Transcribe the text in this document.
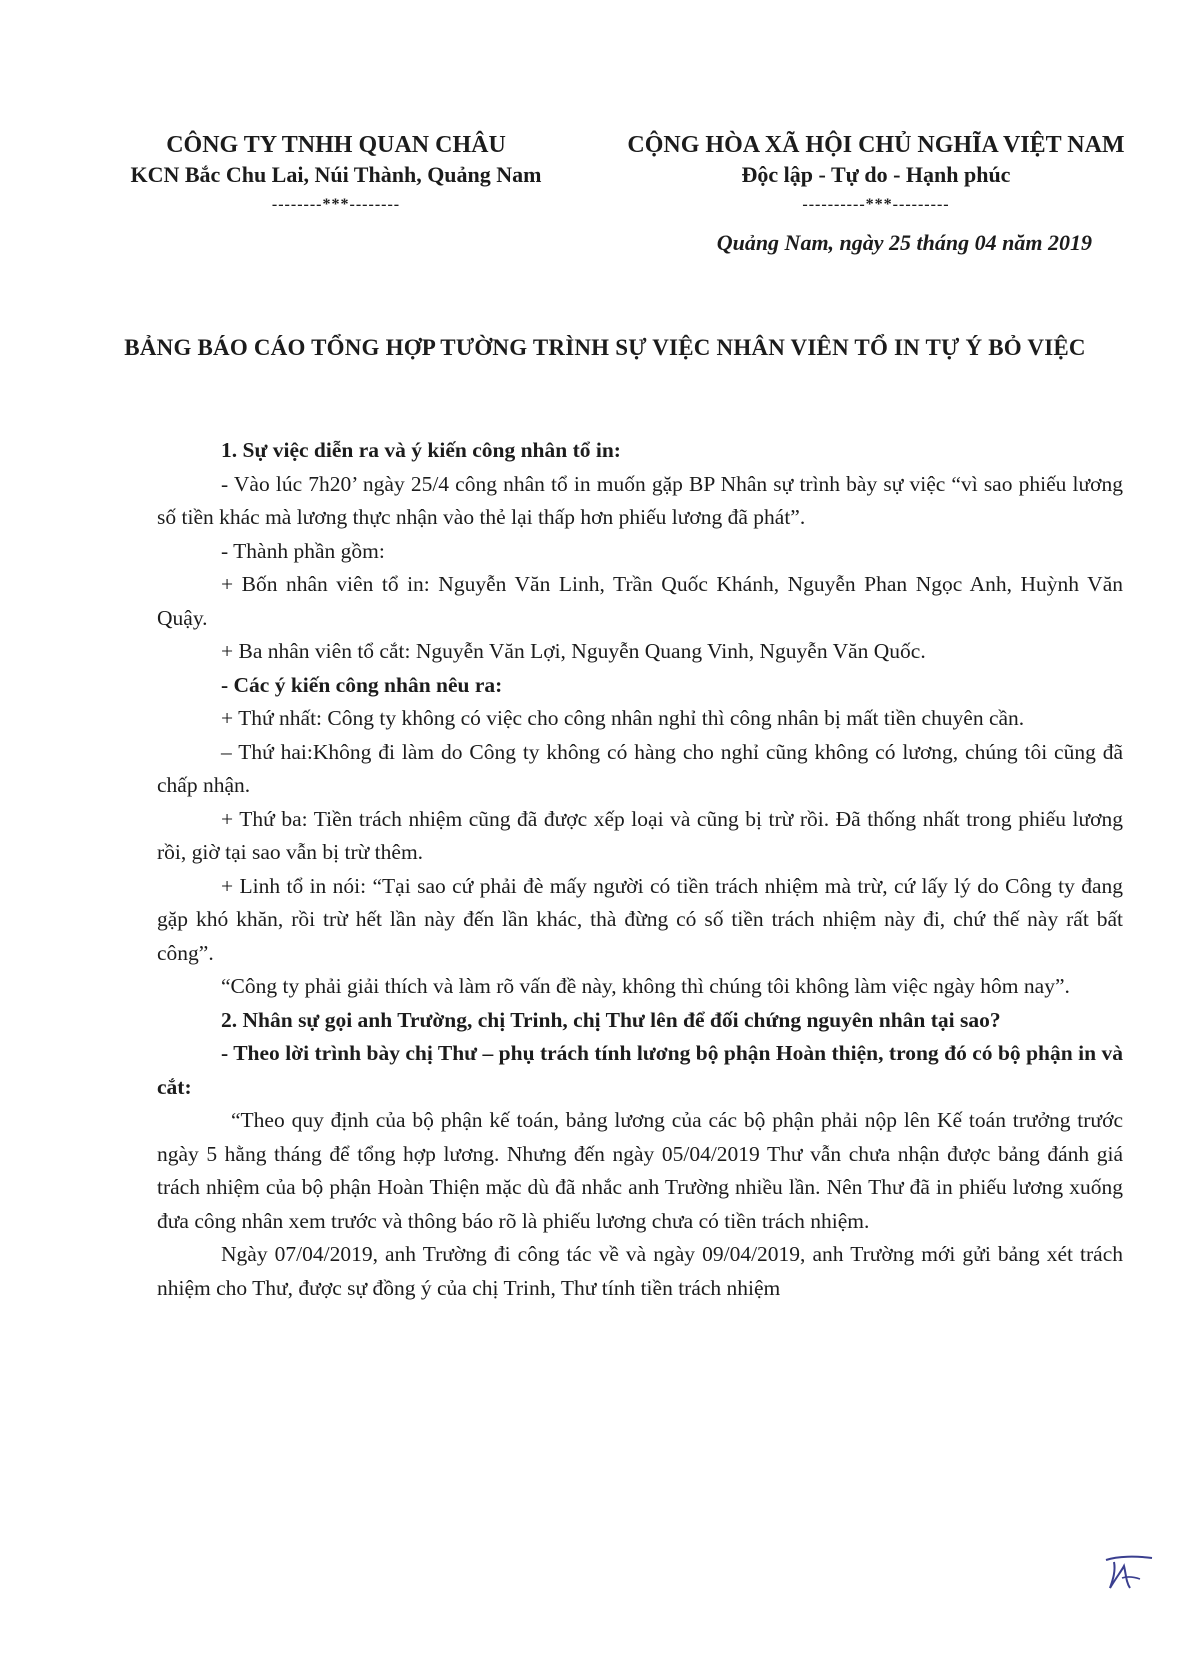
CÔNG TY TNHH QUAN CHÂU
KCN Bắc Chu Lai, Núi Thành, Quảng Nam
--------***--------
CỘNG HÒA XÃ HỘI CHỦ NGHĨA VIỆT NAM
Độc lập - Tự do - Hạnh phúc
----------***---------
Quảng Nam, ngày 25 tháng 04 năm 2019
BẢNG BÁO CÁO TỔNG HỢP TƯỜNG TRÌNH SỰ VIỆC NHÂN VIÊN TỔ IN TỰ Ý BỎ VIỆC

1. Sự việc diễn ra và ý kiến công nhân tổ in:

- Vào lúc 7h20’ ngày 25/4 công nhân tổ in muốn gặp BP Nhân sự trình bày sự việc “vì sao phiếu lương số tiền khác mà lương thực nhận vào thẻ lại thấp hơn phiếu lương đã phát”.

- Thành phần gồm:

+ Bốn nhân viên tổ in: Nguyễn Văn Linh, Trần Quốc Khánh, Nguyễn Phan Ngọc Anh, Huỳnh Văn Quậy.

+ Ba nhân viên tổ cắt: Nguyễn Văn Lợi, Nguyễn Quang Vinh, Nguyễn Văn Quốc.

- Các ý kiến công nhân nêu ra:

+ Thứ nhất: Công ty không có việc cho công nhân nghỉ thì công nhân bị mất tiền chuyên cần.

– Thứ hai:Không đi làm do Công ty không có hàng cho nghỉ cũng không có lương, chúng tôi cũng đã chấp nhận.

+ Thứ ba: Tiền trách nhiệm cũng đã được xếp loại và cũng bị trừ rồi. Đã thống nhất trong phiếu lương rồi, giờ tại sao vẫn bị trừ thêm.

+ Linh tổ in nói: “Tại sao cứ phải đè mấy người có tiền trách nhiệm mà trừ, cứ lấy lý do Công ty đang gặp khó khăn, rồi trừ hết lần này đến lần khác, thà đừng có số tiền trách nhiệm này đi, chứ thế này rất bất công”.

“Công ty phải giải thích và làm rõ vấn đề này, không thì chúng tôi không làm việc ngày hôm nay”.

2. Nhân sự gọi anh Trường, chị Trinh, chị Thư lên để đối chứng nguyên nhân tại sao?

- Theo lời trình bày chị Thư – phụ trách tính lương bộ phận Hoàn thiện, trong đó có bộ phận in và cắt:

“Theo quy định của bộ phận kế toán, bảng lương của các bộ phận phải nộp lên Kế toán trưởng trước ngày 5 hằng tháng để tổng hợp lương. Nhưng đến ngày 05/04/2019 Thư vẫn chưa nhận được bảng đánh giá trách nhiệm của bộ phận Hoàn Thiện mặc dù đã nhắc anh Trường nhiều lần. Nên Thư đã in phiếu lương xuống đưa công nhân xem trước và thông báo rõ là phiếu lương chưa có tiền trách nhiệm.

Ngày 07/04/2019, anh Trường đi công tác về và ngày 09/04/2019, anh Trường mới gửi bảng xét trách nhiệm cho Thư, được sự đồng ý của chị Trinh, Thư tính tiền trách nhiệm
